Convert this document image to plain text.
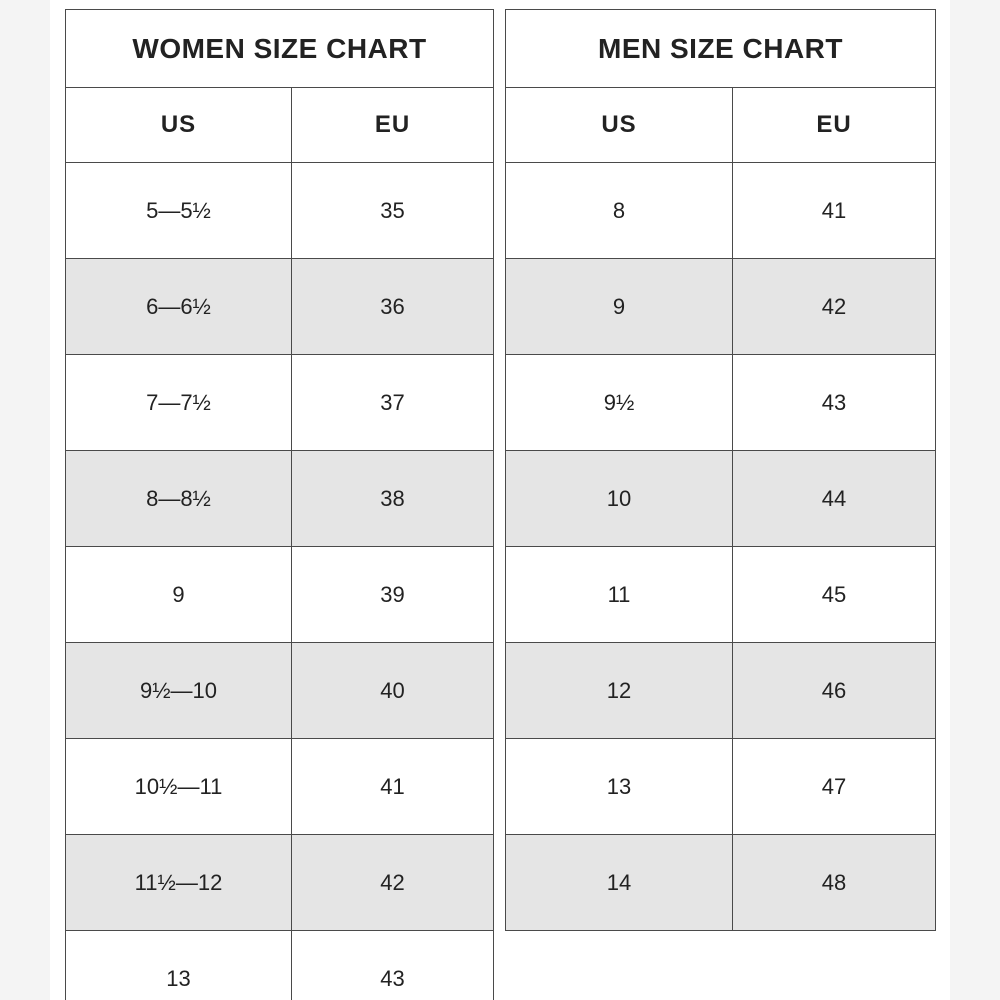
WOMEN SIZE CHART	
US	EU
5—5½	35
6—6½	36
7—7½	37
8—8½	38
9	39
9½—10	40
10½—11	41
11½—12	42
13	43
MEN SIZE CHART	
US	EU
8	41
9	42
9½	43
10	44
11	45
12	46
13	47
14	48
